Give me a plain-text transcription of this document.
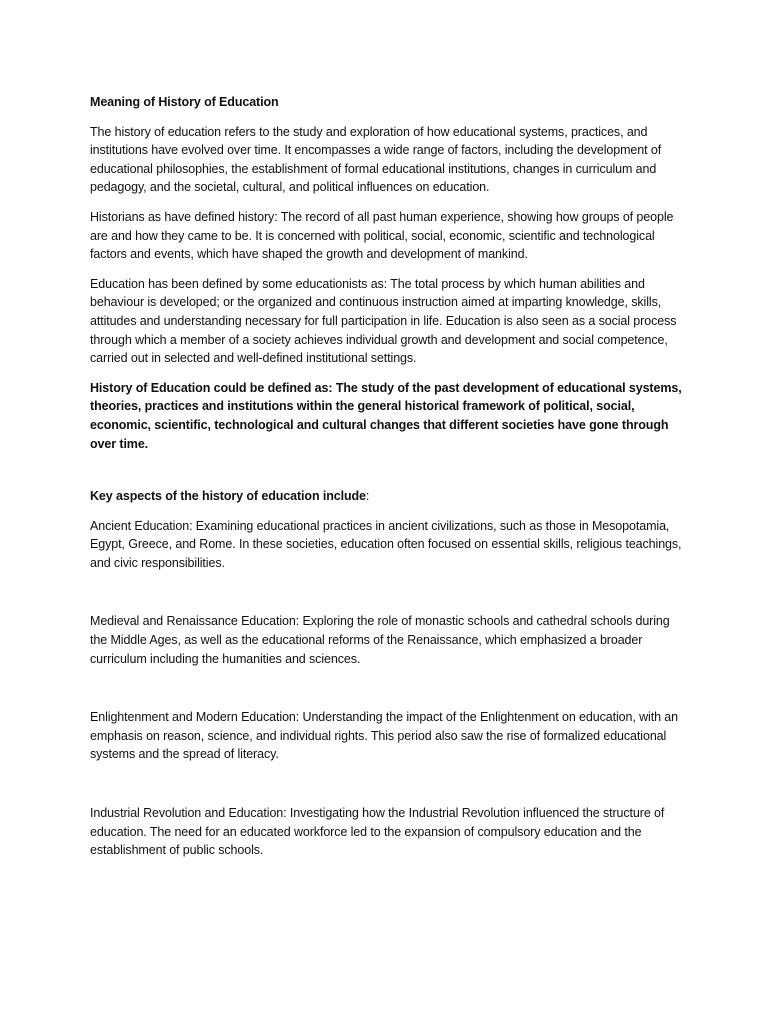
Meaning of History of Education

The history of education refers to the study and exploration of how educational systems, practices, and institutions have evolved over time. It encompasses a wide range of factors, including the development of educational philosophies, the establishment of formal educational institutions, changes in curriculum and pedagogy, and the societal, cultural, and political influences on education.

Historians as have defined history: The record of all past human experience, showing how groups of people are and how they came to be. It is concerned with political, social, economic, scientific and technological factors and events, which have shaped the growth and development of mankind.

Education has been defined by some educationists as: The total process by which human abilities and behaviour is developed; or the organized and continuous instruction aimed at imparting knowledge, skills, attitudes and understanding necessary for full participation in life. Education is also seen as a social process through which a member of a society achieves individual growth and development and social competence, carried out in selected and well-defined institutional settings.

History of Education could be defined as: The study of the past development of educational systems, theories, practices and institutions within the general historical framework of political, social, economic, scientific, technological and cultural changes that different societies have gone through over time.

Key aspects of the history of education include:

Ancient Education: Examining educational practices in ancient civilizations, such as those in Mesopotamia, Egypt, Greece, and Rome. In these societies, education often focused on essential skills, religious teachings, and civic responsibilities.

Medieval and Renaissance Education: Exploring the role of monastic schools and cathedral schools during the Middle Ages, as well as the educational reforms of the Renaissance, which emphasized a broader curriculum including the humanities and sciences.

Enlightenment and Modern Education: Understanding the impact of the Enlightenment on education, with an emphasis on reason, science, and individual rights. This period also saw the rise of formalized educational systems and the spread of literacy.

Industrial Revolution and Education: Investigating how the Industrial Revolution influenced the structure of education. The need for an educated workforce led to the expansion of compulsory education and the establishment of public schools.
